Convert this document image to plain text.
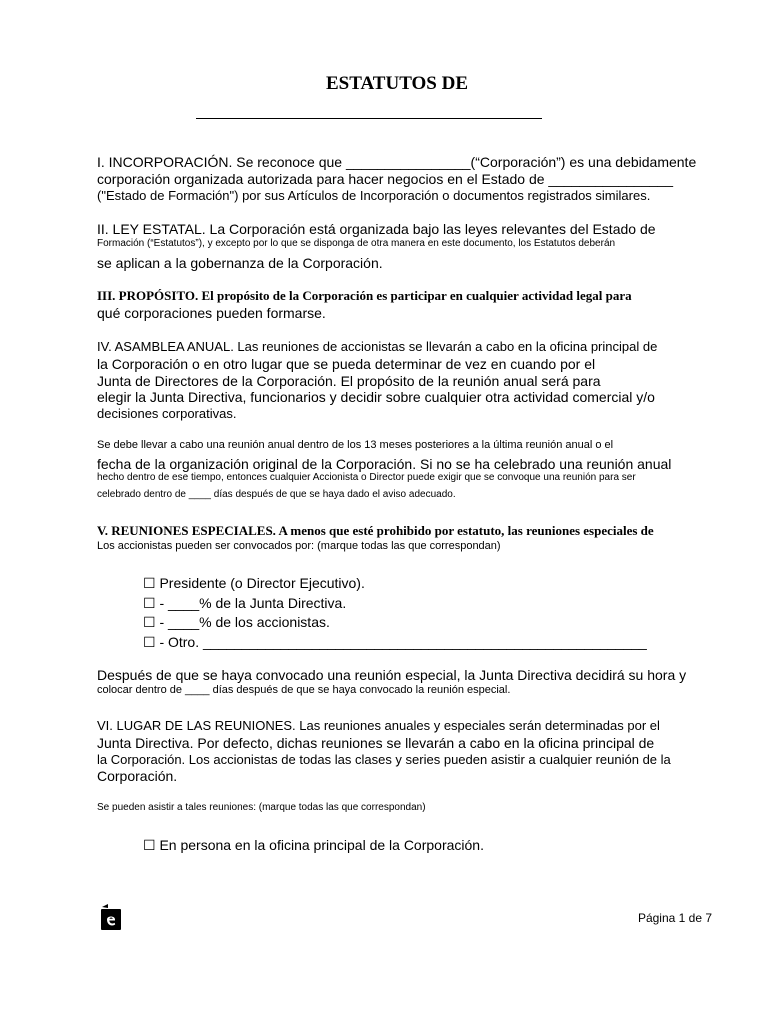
ESTATUTOS DE
I. INCORPORACIÓN. Se reconoce que ________________(“Corporación”) es una debidamente
corporación organizada autorizada para hacer negocios en el Estado de ________________
("Estado de Formación") por sus Artículos de Incorporación o documentos registrados similares.
II. LEY ESTATAL. La Corporación está organizada bajo las leyes relevantes del Estado de
Formación (“Estatutos”), y excepto por lo que se disponga de otra manera en este documento, los Estatutos deberán
se aplican a la gobernanza de la Corporación.
III. PROPÓSITO. El propósito de la Corporación es participar en cualquier actividad legal para
qué corporaciones pueden formarse.
IV. ASAMBLEA ANUAL. Las reuniones de accionistas se llevarán a cabo en la oficina principal de
la Corporación o en otro lugar que se pueda determinar de vez en cuando por el
Junta de Directores de la Corporación. El propósito de la reunión anual será para
elegir la Junta Directiva, funcionarios y decidir sobre cualquier otra actividad comercial y/o
decisiones corporativas.
Se debe llevar a cabo una reunión anual dentro de los 13 meses posteriores a la última reunión anual o el
fecha de la organización original de la Corporación. Si no se ha celebrado una reunión anual
hecho dentro de ese tiempo, entonces cualquier Accionista o Director puede exigir que se convoque una reunión para ser
celebrado dentro de ____ días después de que se haya dado el aviso adecuado.
V. REUNIONES ESPECIALES. A menos que esté prohibido por estatuto, las reuniones especiales de
Los accionistas pueden ser convocados por: (marque todas las que correspondan)
☐ Presidente (o Director Ejecutivo).
☐ - ____% de la Junta Directiva.
☐ - ____% de los accionistas.
☐ - Otro. _________________________________________________________
Después de que se haya convocado una reunión especial, la Junta Directiva decidirá su hora y
colocar dentro de ____ días después de que se haya convocado la reunión especial.
VI. LUGAR DE LAS REUNIONES. Las reuniones anuales y especiales serán determinadas por el
Junta Directiva. Por defecto, dichas reuniones se llevarán a cabo en la oficina principal de
la Corporación. Los accionistas de todas las clases y series pueden asistir a cualquier reunión de la
Corporación.
Se pueden asistir a tales reuniones: (marque todas las que correspondan)
☐ En persona en la oficina principal de la Corporación.
Página 1 de 7
